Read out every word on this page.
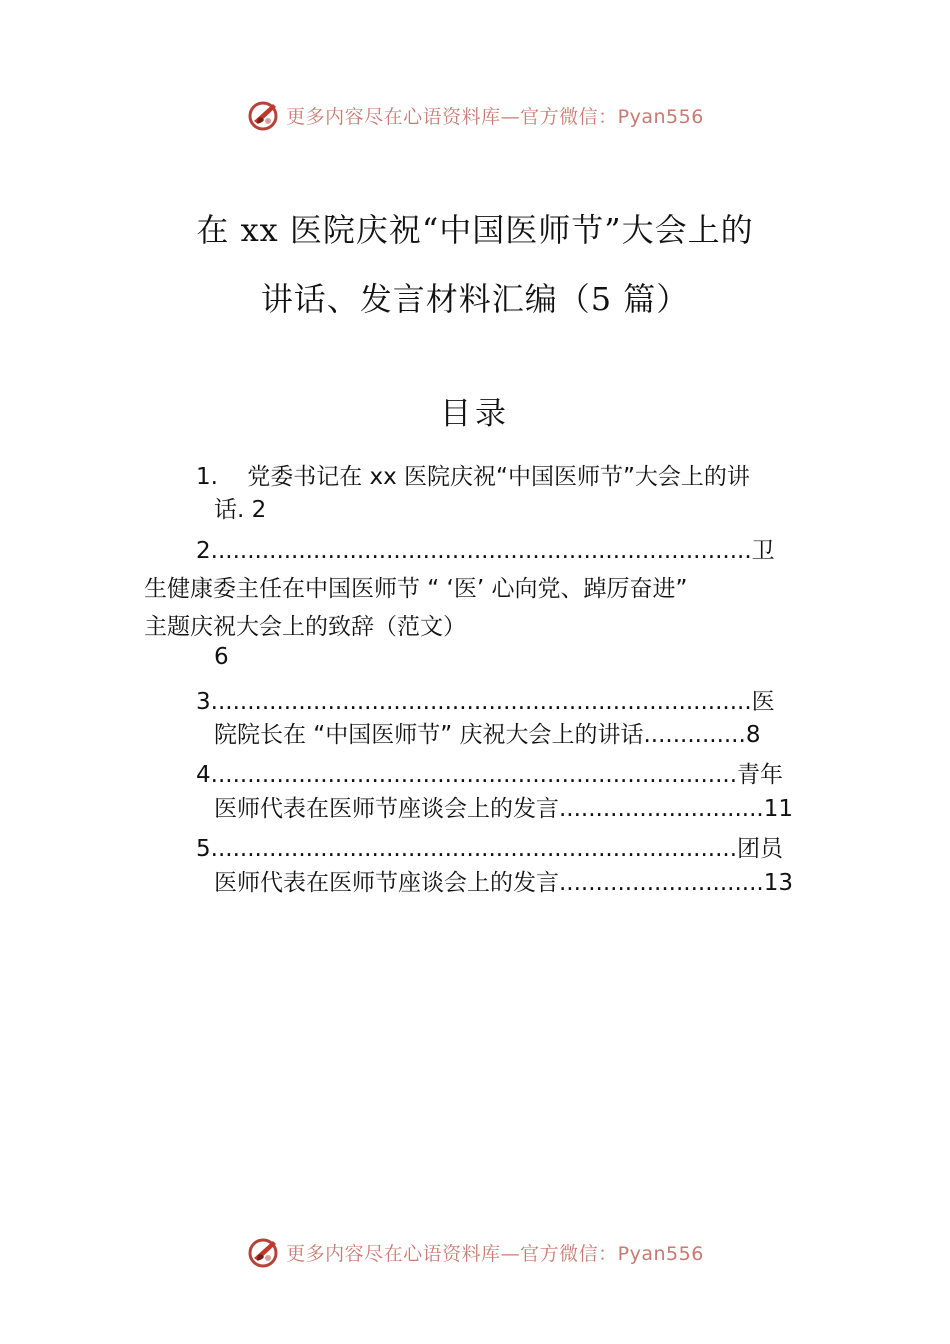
更多内容尽在心语资料库—官方微信：Pyan556
在 xx 医院庆祝“中国医师节”大会上的
讲话、发言材料汇编（5 篇）
目录
1.    党委书记在 xx 医院庆祝“中国医师节”大会上的讲
话. 2
2..........................................................................卫
生健康委主任在中国医师节 “ ‘医’ 心向党、踔厉奋进”
主题庆祝大会上的致辞（范文）
6
3..........................................................................医
院院长在 “中国医师节” 庆祝大会上的讲话..............8
4........................................................................青年
医师代表在医师节座谈会上的发言............................11
5........................................................................团员
医师代表在医师节座谈会上的发言............................13
更多内容尽在心语资料库—官方微信：Pyan556
